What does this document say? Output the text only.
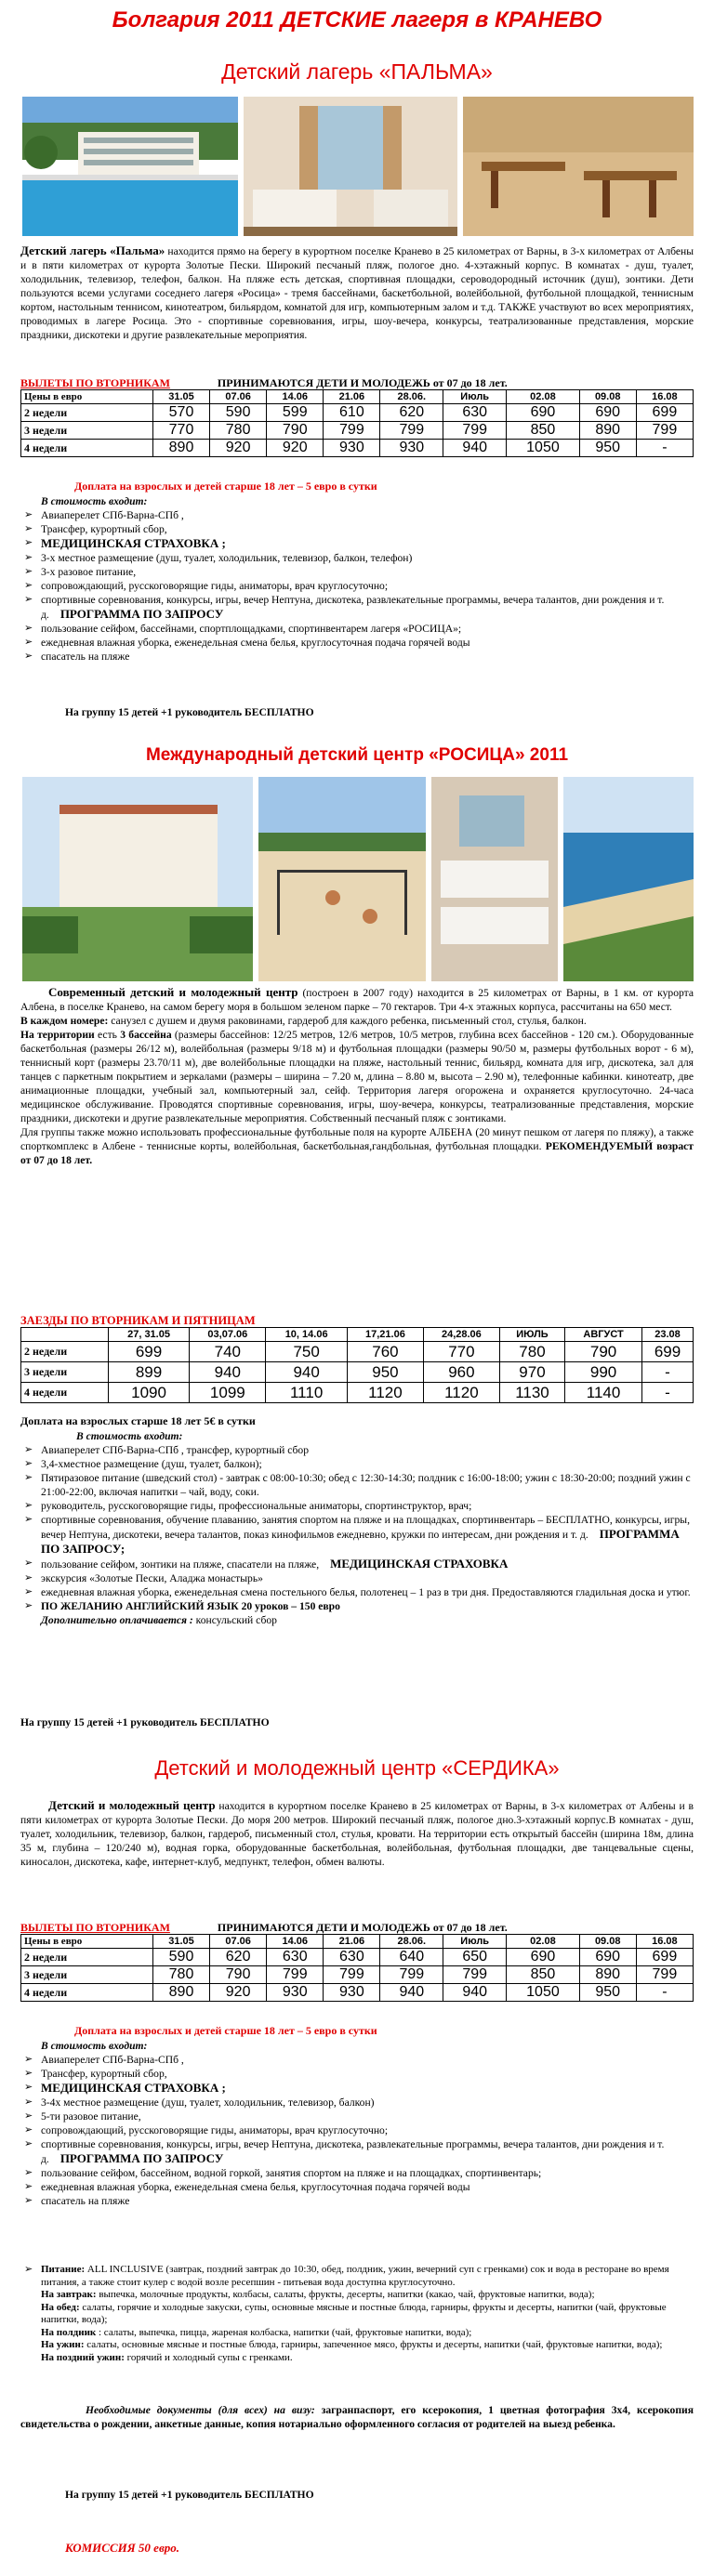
Болгария 2011 ДЕТСКИЕ лагеря в КРАНЕВО
Детский лагерь «ПАЛЬМА»
Детский лагерь «Пальма» находится прямо на берегу в курортном поселке Кранево в 25 километрах от Варны, в 3-х километрах от Албены и в пяти километрах от курорта Золотые Пески. Широкий песчаный пляж, пологое дно. 4-хэтажный корпус. В комнатах - душ, туалет, холодильник, телевизор, телефон, балкон. На пляже есть детская, спортивная площадки, сероводородный источник (душ), зонтики. Дети пользуются всеми услугами соседнего лагеря «Росица» - тремя бассейнами, баскетбольной, волейбольной, футбольной площадкой, теннисным кортом, настольным теннисом, кинотеатром, бильярдом, комнатой для игр, компьютерным залом и т.д. ТАКЖЕ участвуют во всех мероприятиях, проводимых в лагере Росица. Это - спортивные соревнования, игры, шоу-вечера, конкурсы, театрализованные представления, морские праздники, дискотеки и другие развлекательные мероприятия.
ВЫЛЕТЫ ПО ВТОРНИКАМ	ПРИНИМАЮТСЯ ДЕТИ И МОЛОДЕЖЬ от 07 до 18 лет.
Цены в евро	31.05	07.06	14.06	21.06	28.06.	Июль	02.08	09.08	16.08
2 недели	570	590	599	610	620	630	690	690	699
3 недели	770	780	790	799	799	799	850	890	799
4 недели	890	920	920	930	930	940	1050	950	-
Доплата на взрослых и детей старше 18 лет – 5 евро в сутки
В стоимость входит:
➢ Авиаперелет СПб-Варна-СПб ,
➢ Трансфер, курортный сбор,
➢ МЕДИЦИНСКАЯ СТРАХОВКА ;
➢ 3-х местное размещение (душ, туалет, холодильник, телевизор, балкон, телефон)
➢ 3-х разовое питание,
➢ сопровождающий, русскоговорящие гиды, аниматоры, врач круглосуточно;
➢ спортивные соревнования, конкурсы, игры, вечер Нептуна, дискотека, развлекательные программы, вечера талантов, дни рождения и т. д. ПРОГРАММА ПО ЗАПРОСУ
➢ пользование сейфом, бассейнами, спортплощадками, спортинвентарем лагеря «РОСИЦА»;
➢ ежедневная влажная уборка, еженедельная смена белья, круглосуточная подача горячей воды
➢ спасатель на пляже
На группу 15 детей +1 руководитель БЕСПЛАТНО
Международный детский центр «РОСИЦА» 2011
Современный детский и молодежный центр (построен в 2007 году) находится в 25 километрах от Варны, в 1 км. от курорта Албена, в поселке Кранево, на самом берегу моря в большом зеленом парке – 70 гектаров. Три 4-х этажных корпуса, рассчитаны на 650 мест.
В каждом номере: санузел с душем и двумя раковинами, гардероб для каждого ребенка, письменный стол, стулья, балкон.
На территории есть 3 бассейна (размеры бассейнов: 12/25 метров, 12/6 метров, 10/5 метров, глубина всех бассейнов - 120 см.). Оборудованные баскетбольная (размеры 26/12 м), волейбольная (размеры 9/18 м) и футбольная площадки (размеры 90/50 м, размеры футбольных ворот - 6 м), теннисный корт (размеры 23.70/11 м), две волейбольные площадки на пляже, настольный теннис, бильярд, комната для игр, дискотека, зал для танцев с паркетным покрытием и зеркалами (размеры – ширина – 7.20 м, длина – 8.80 м, высота – 2.90 м), телефонные кабинки. кинотеатр, две анимационные площадки, учебный зал, компьютерный зал, сейф. Территория лагеря огорожена и охраняется круглосуточно. 24-часа медицинское обслуживание. Проводятся спортивные соревнования, игры, шоу-вечера, конкурсы, театрализованные представления, морские праздники, дискотеки и другие развлекательные мероприятия. Собственный песчаный пляж с зонтиками.
Для группы также можно использовать профессиональные футбольные поля на курорте АЛБЕНА (20 минут пешком от лагеря по пляжу), а также спорткомплекс в Албене - теннисные корты, волейбольная, баскетбольная,гандбольная, футбольная площадки. РЕКОМЕНДУЕМЫЙ возраст от 07 до 18 лет.
ЗАЕЗДЫ ПО ВТОРНИКАМ И ПЯТНИЦАМ
	27, 31.05	03,07.06	10, 14.06	17,21.06	24,28.06	ИЮЛЬ	АВГУСТ	23.08
2 недели	699	740	750	760	770	780	790	699
3 недели	899	940	940	950	960	970	990	-
4 недели	1090	1099	1110	1120	1120	1130	1140	-
Доплата на взрослых старше 18 лет 5€ в сутки
В стоимость входит:
➢ Авиаперелет СПб-Варна-СПб , трансфер, курортный сбор
➢ 3,4-хместное размещение (душ, туалет, балкон);
➢ Пятиразовое питание (шведский стол) - завтрак с 08:00-10:30; обед с 12:30-14:30; полдник с 16:00-18:00; ужин с 18:30-20:00; поздний ужин с 21:00-22:00, включая напитки – чай, воду, соки.
➢ руководитель, русскоговорящие гиды, профессиональные аниматоры, спортинструктор, врач;
➢ спортивные соревнования, обучение плаванию, занятия спортом на пляже и на площадках, спортинвентарь – БЕСПЛАТНО, конкурсы, игры, вечер Нептуна, дискотеки, вечера талантов, показ кинофильмов ежедневно, кружки по интересам, дни рождения и т. д. ПРОГРАММА ПО ЗАПРОСУ;
➢ пользование сейфом, зонтики на пляже, спасатели на пляже, МЕДИЦИНСКАЯ СТРАХОВКА
➢ экскурсия «Золотые Пески, Аладжа монастырь»
➢ ежедневная влажная уборка, еженедельная смена постельного белья, полотенец – 1 раз в три дня. Предоставляются гладильная доска и утюг.
➢ ПО ЖЕЛАНИЮ АНГЛИЙСКИЙ ЯЗЫК 20 уроков – 150 евро
Дополнительно оплачивается : консульский сбор
На группу 15 детей +1 руководитель БЕСПЛАТНО
Детский и молодежный центр «СЕРДИКА»
Детский и молодежный центр находится в курортном поселке Кранево в 25 километрах от Варны, в 3-х километрах от Албены и в пяти километрах от курорта Золотые Пески. До моря 200 метров. Широкий песчаный пляж, пологое дно.3-хэтажный корпус.В комнатах - душ, туалет, холодильник, телевизор, балкон, гардероб, письменный стол, стулья, кровати. На территории есть открытый бассейн (ширина 18м, длина 35 м, глубина – 120/240 м), водная горка, оборудованные баскетбольная, волейбольная, футбольная площадки, две танцевальные сцены, киносалон, дискотека, кафе, интернет-клуб, медпункт, телефон, обмен валюты.
ВЫЛЕТЫ ПО ВТОРНИКАМ	ПРИНИМАЮТСЯ ДЕТИ И МОЛОДЕЖЬ от 07 до 18 лет.
Цены в евро	31.05	07.06	14.06	21.06	28.06.	Июль	02.08	09.08	16.08
2 недели	590	620	630	630	640	650	690	690	699
3 недели	780	790	799	799	799	799	850	890	799
4 недели	890	920	930	930	940	940	1050	950	-
Доплата на взрослых и детей старше 18 лет – 5 евро в сутки
В стоимость входит:
➢ Авиаперелет СПб-Варна-СПб ,
➢ Трансфер, курортный сбор,
➢ МЕДИЦИНСКАЯ СТРАХОВКА ;
➢ 3-4х местное размещение (душ, туалет, холодильник, телевизор, балкон)
➢ 5-ти разовое питание,
➢ сопровождающий, русскоговорящие гиды, аниматоры, врач круглосуточно;
➢ спортивные соревнования, конкурсы, игры, вечер Нептуна, дискотека, развлекательные программы, вечера талантов, дни рождения и т. д. ПРОГРАММА ПО ЗАПРОСУ
➢ пользование сейфом, бассейном, водной горкой, занятия спортом на пляже и на площадках, спортинвентарь;
➢ ежедневная влажная уборка, еженедельная смена белья, круглосуточная подача горячей воды
➢ спасатель на пляже
➢ Питание: ALL INCLUSIVE (завтрак, поздний завтрак до 10:30, обед, полдник, ужин, вечерний суп с гренками) сок и вода в ресторане во время питания, а также стоит кулер с водой возле ресепшин - питьевая вода доступна круглосуточно.
На завтрак: выпечка, молочные продукты, колбасы, салаты, фрукты, десерты, напитки (какао, чай, фруктовые напитки, вода);
На обед: салаты, горячие и холодные закуски, супы, основные мясные и постные блюда, гарниры, фрукты и десерты, напитки (чай, фруктовые напитки, вода);
На полдник : салаты, выпечка, пицца, жареная колбаска, напитки (чай, фруктовые напитки, вода);
На ужин: салаты, основные мясные и постные блюда, гарниры, запеченное мясо, фрукты и десерты, напитки (чай, фруктовые напитки, вода);
На поздний ужин: горячий и холодный супы с гренками.
Необходимые документы (для всех) на визу: загранпаспорт, его ксерокопия, 1 цветная фотография 3х4, ксерокопия свидетельства о рождении, анкетные данные, копия нотариально оформленного согласия от родителей на выезд ребенка.
На группу 15 детей +1 руководитель БЕСПЛАТНО
КОМИССИЯ 50 евро.
